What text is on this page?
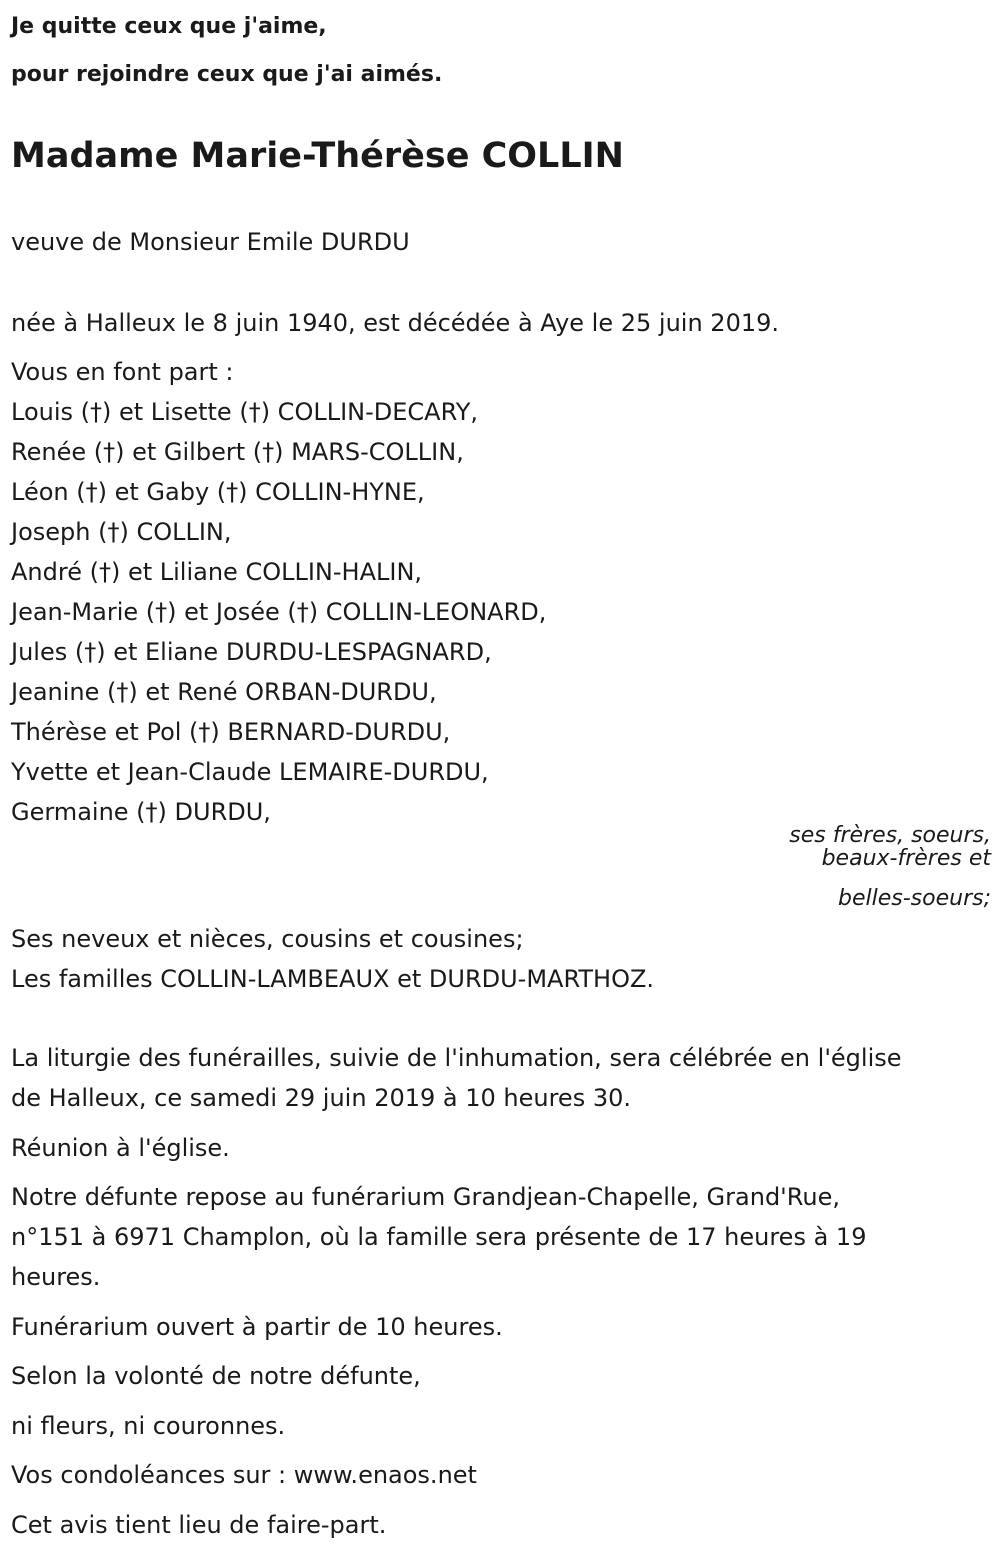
Je quitte ceux que j'aime,
pour rejoindre ceux que j'ai aimés.
Madame Marie-Thérèse COLLIN
veuve de Monsieur Emile DURDU
née à Halleux le 8 juin 1940, est décédée à Aye le 25 juin 2019.
Vous en font part :
Louis (†) et Lisette (†) COLLIN-DECARY,
Renée (†) et Gilbert (†) MARS-COLLIN,
Léon (†) et Gaby (†) COLLIN-HYNE,
Joseph (†) COLLIN,
André (†) et Liliane COLLIN-HALIN,
Jean-Marie (†) et Josée (†) COLLIN-LEONARD,
Jules (†) et Eliane DURDU-LESPAGNARD,
Jeanine (†) et René ORBAN-DURDU,
Thérèse et Pol (†) BERNARD-DURDU,
Yvette et Jean-Claude LEMAIRE-DURDU,
Germaine (†) DURDU,
ses frères, soeurs,
beaux-frères et
belles-soeurs;
Ses neveux et nièces, cousins et cousines;
Les familles COLLIN-LAMBEAUX et DURDU-MARTHOZ.
La liturgie des funérailles, suivie de l'inhumation, sera célébrée en l'église
de Halleux, ce samedi 29 juin 2019 à 10 heures 30.
Réunion à l'église.
Notre défunte repose au funérarium Grandjean-Chapelle, Grand'Rue,
n°151 à 6971 Champlon, où la famille sera présente de 17 heures à 19
heures.
Funérarium ouvert à partir de 10 heures.
Selon la volonté de notre défunte,
ni fleurs, ni couronnes.
Vos condoléances sur : www.enaos.net
Cet avis tient lieu de faire-part.
